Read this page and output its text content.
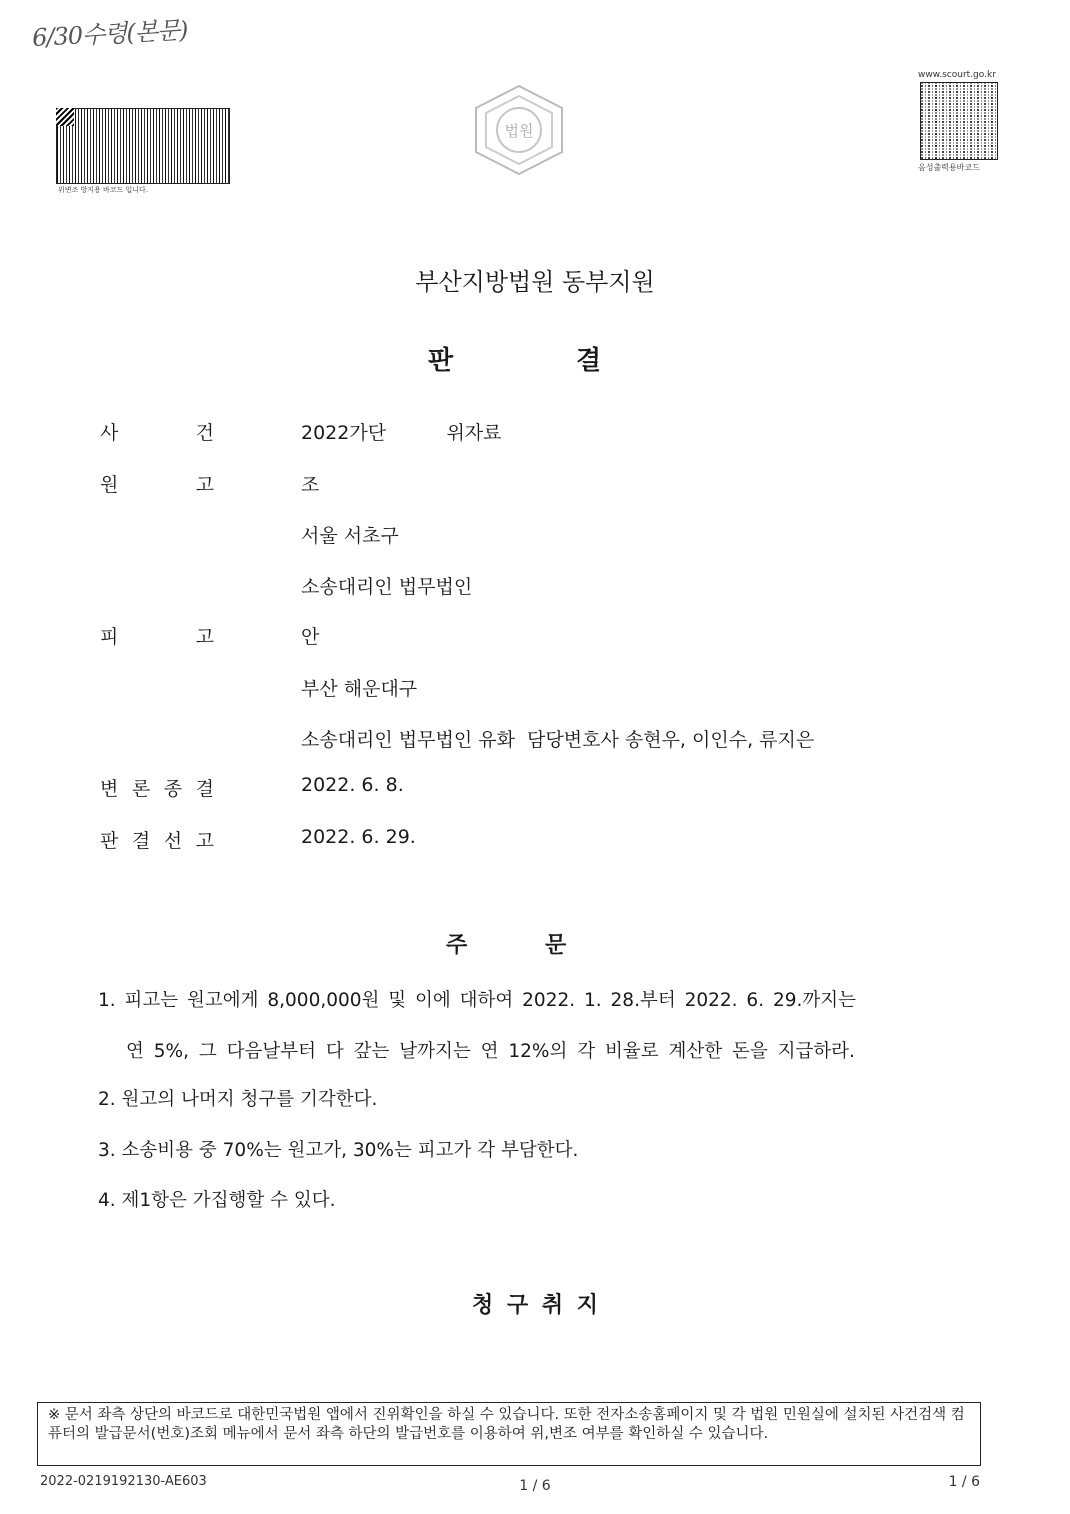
6/30수령(본문)
위변조 방지용 바코드 입니다.
www.scourt.go.kr
음성출력용바코드
법원
부산지방법원 동부지원
판	결
사	건	2022가단          위자료
원	고	조
서울 서초구
소송대리인 법무법인
피	고	안
부산 해운대구
소송대리인 법무법인 유화  담당변호사 송현우, 이인수, 류지은
변 론 종 결	2022. 6. 8.
판 결 선 고	2022. 6. 29.
주	문
1. 피고는 원고에게 8,000,000원 및 이에 대하여 2022. 1. 28.부터 2022. 6. 29.까지는
연 5%, 그 다음날부터 다 갚는 날까지는 연 12%의 각 비율로 계산한 돈을 지급하라.
2. 원고의 나머지 청구를 기각한다.
3. 소송비용 중 70%는 원고가, 30%는 피고가 각 부담한다.
4. 제1항은 가집행할 수 있다.
청 구 취 지
※ 문서 좌측 상단의 바코드로 대한민국법원 앱에서 진위확인을 하실 수 있습니다. 또한 전자소송홈페이지 및 각 법원 민원실에 설치된 사건검색 컴퓨터의 발급문서(번호)조회 메뉴에서 문서 좌측 하단의 발급번호를 이용하여 위,변조 여부를 확인하실 수 있습니다.
2022-0219192130-AE603	1 / 6	1 / 6
